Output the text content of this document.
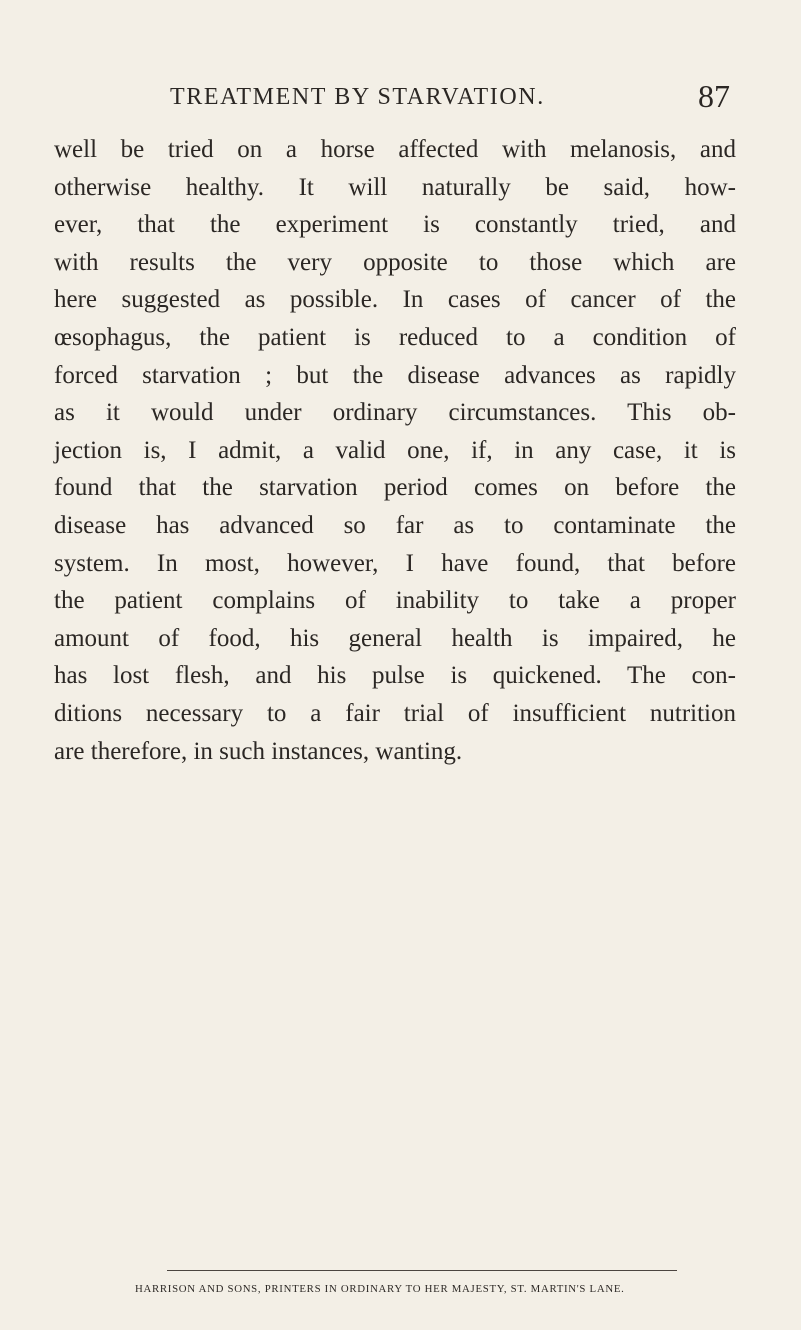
TREATMENT BY STARVATION.	87
well be tried on a horse affected with melanosis, and
otherwise healthy. It will naturally be said, how-
ever, that the experiment is constantly tried, and
with results the very opposite to those which are
here suggested as possible. In cases of cancer of the
œsophagus, the patient is reduced to a condition of
forced starvation ; but the disease advances as rapidly
as it would under ordinary circumstances. This ob-
jection is, I admit, a valid one, if, in any case, it is
found that the starvation period comes on before the
disease has advanced so far as to contaminate the
system. In most, however, I have found, that before
the patient complains of inability to take a proper
amount of food, his general health is impaired, he
has lost flesh, and his pulse is quickened. The con-
ditions necessary to a fair trial of insufficient nutrition
are therefore, in such instances, wanting.
HARRISON AND SONS, PRINTERS IN ORDINARY TO HER MAJESTY, ST. MARTIN'S LANE.
